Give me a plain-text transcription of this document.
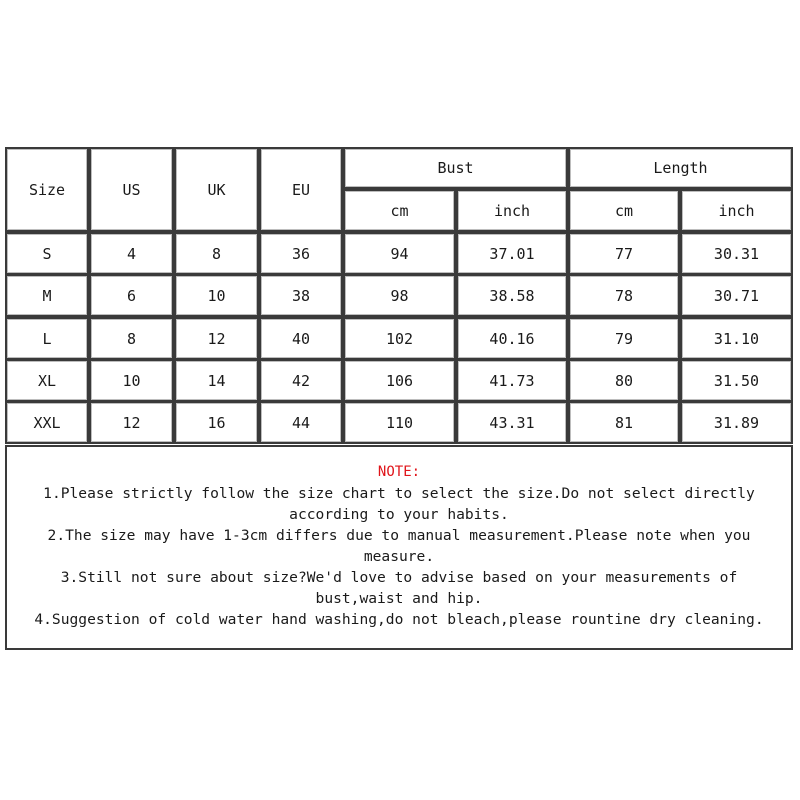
Size	US	UK	EU
Bust	Length
cm	inch	cm	inch
S	4	8	36	94	37.01	77	30.31
M	6	10	38	98	38.58	78	30.71
L	8	12	40	102	40.16	79	31.10
XL	10	14	42	106	41.73	80	31.50
XXL	12	16	44	110	43.31	81	31.89
NOTE:
1.Please strictly follow the size chart to select the size.Do not select directly according to your habits.
2.The size may have 1-3cm differs due to manual measurement.Please note when you measure.
3.Still not sure about size?We'd love to advise based on your measurements of bust,waist and hip.
4.Suggestion of cold water hand washing,do not bleach,please rountine dry cleaning.
